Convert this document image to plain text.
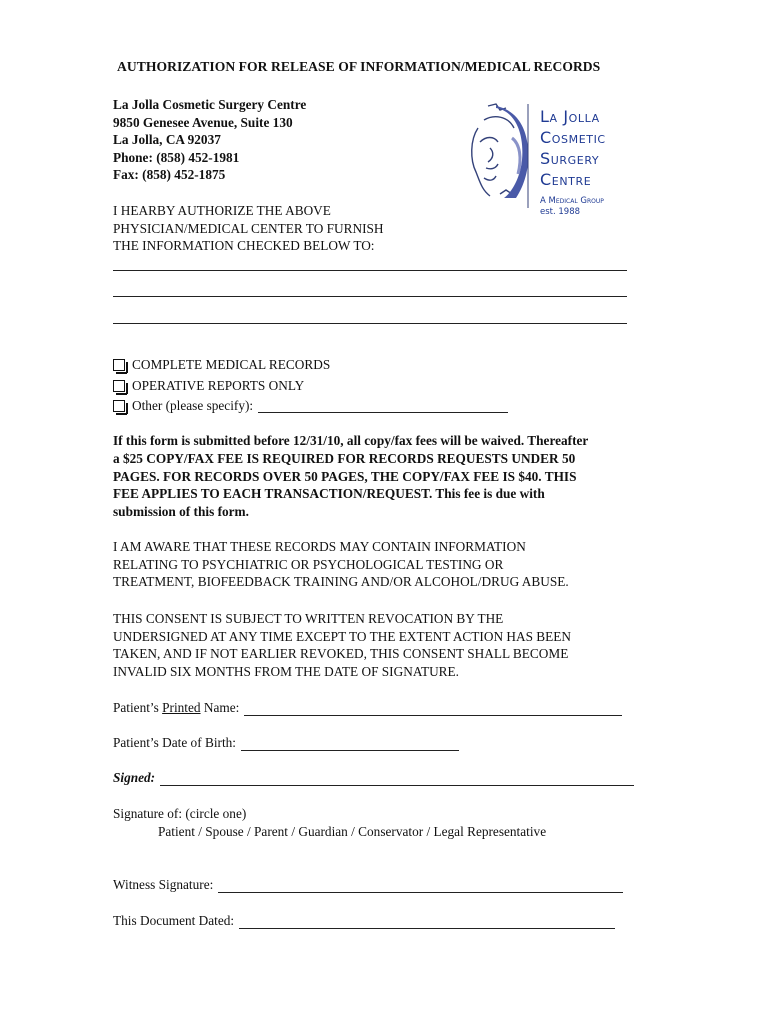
AUTHORIZATION FOR RELEASE OF INFORMATION/MEDICAL RECORDS
La Jolla Cosmetic Surgery Centre
9850 Genesee Avenue, Suite 130
La Jolla, CA 92037
Phone: (858) 452-1981
Fax: (858) 452-1875
La Jolla
Cosmetic
Surgery
Centre
A Medical Group
est. 1988
I HEARBY AUTHORIZE THE ABOVE
PHYSICIAN/MEDICAL CENTER TO FURNISH
THE INFORMATION CHECKED BELOW TO:
COMPLETE MEDICAL RECORDS
OPERATIVE REPORTS ONLY
Other (please specify):
If this form is submitted before 12/31/10, all copy/fax fees will be waived. Thereafter
a $25 COPY/FAX FEE IS REQUIRED FOR RECORDS REQUESTS UNDER 50
PAGES. FOR RECORDS OVER 50 PAGES, THE COPY/FAX FEE IS $40. THIS
FEE APPLIES TO EACH TRANSACTION/REQUEST. This fee is due with
submission of this form.
I AM AWARE THAT THESE RECORDS MAY CONTAIN INFORMATION
RELATING TO PSYCHIATRIC OR PSYCHOLOGICAL TESTING OR
TREATMENT, BIOFEEDBACK TRAINING AND/OR ALCOHOL/DRUG ABUSE.
THIS CONSENT IS SUBJECT TO WRITTEN REVOCATION BY THE
UNDERSIGNED AT ANY TIME EXCEPT TO THE EXTENT ACTION HAS BEEN
TAKEN, AND IF NOT EARLIER REVOKED, THIS CONSENT SHALL BECOME
INVALID SIX MONTHS FROM THE DATE OF SIGNATURE.
Patient’s Printed Name:
Patient’s Date of Birth:
Signed:
Signature of: (circle one)
Patient / Spouse / Parent / Guardian / Conservator / Legal Representative
Witness Signature:
This Document Dated:
